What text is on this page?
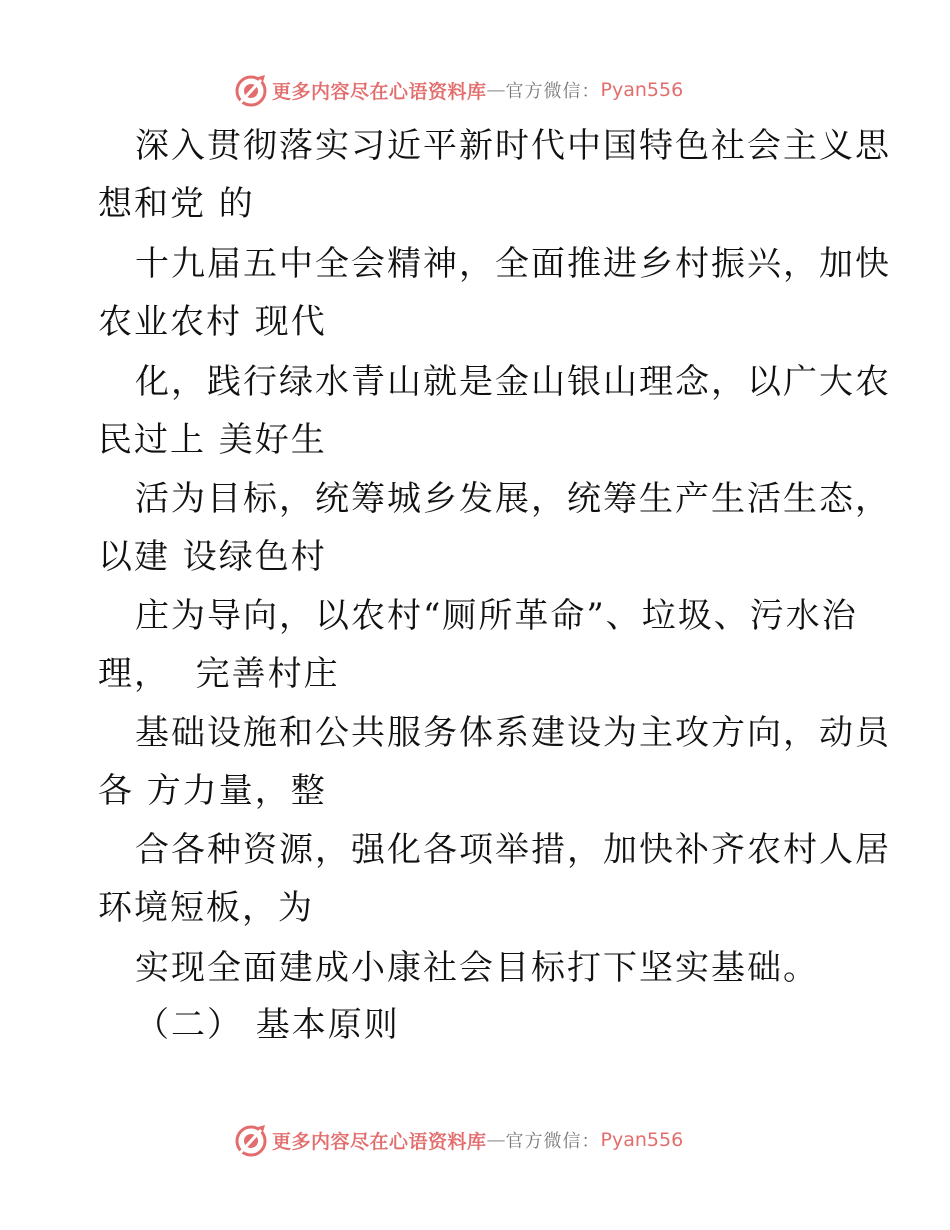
更多内容尽在心语资料库 — 官方微信： Pyan556
深入贯彻落实习近平新时代中国特色社会主义思
想和党 的
十九届五中全会精神，全面推进乡村振兴，加快
农业农村 现代
化，践行绿水青山就是金山银山理念，以广大农
民过上 美好生
活为目标，统筹城乡发展，统筹生产生活生态，
以建 设绿色村
庄为导向，以农村“厕所革命”、垃圾、污水治
理，  完善村庄
基础设施和公共服务体系建设为主攻方向，动员
各 方力量，整
合各种资源，强化各项举措，加快补齐农村人居
环境短板，为
实现全面建成小康社会目标打下坚实基础。
（二） 基本原则
更多内容尽在心语资料库 — 官方微信： Pyan556
